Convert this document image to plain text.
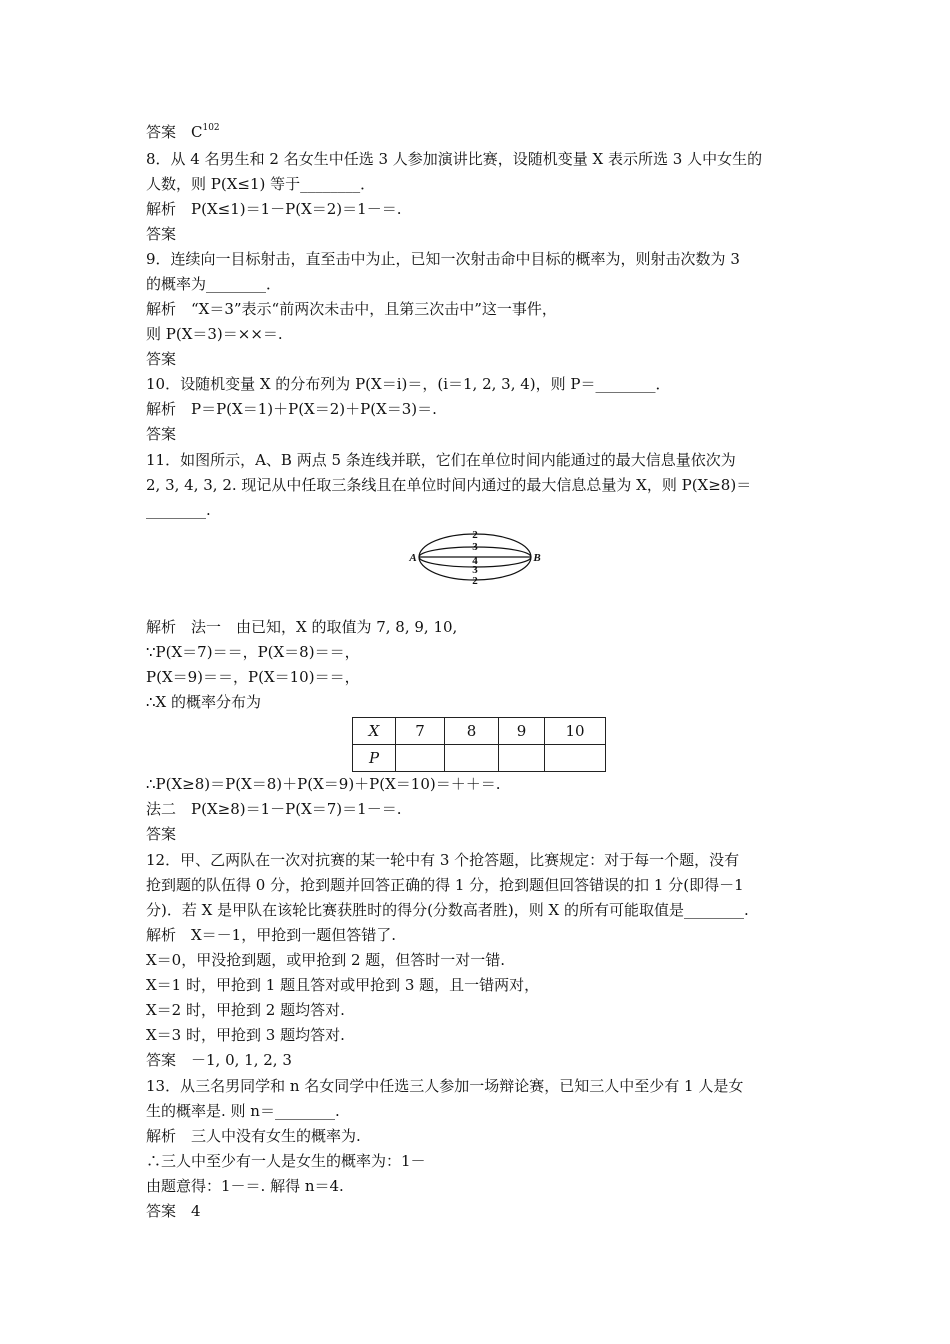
答案　$C^{102}$
8．从 4 名男生和 2 名女生中任选 3 人参加演讲比赛，设随机变量 X 表示所选 3 人中女生的
人数，则 P(X≤1) 等于________．
解析　P(X≤1)＝1－P(X＝2)＝1－＝.
答案
9．连续向一目标射击，直至击中为止，已知一次射击命中目标的概率为，则射击次数为 3
的概率为________．
解析　“X＝3”表示“前两次未击中，且第三次击中”这一事件，
则 P(X＝3)＝××＝.
答案
10．设随机变量 X 的分布列为 P(X＝i)＝，(i＝1, 2, 3, 4)，则 P＝________．
解析　P＝P(X＝1)＋P(X＝2)＋P(X＝3)＝.
答案
11．如图所示，A、B 两点 5 条连线并联，它们在单位时间内能通过的最大信息量依次为
2, 3, 4, 3, 2. 现记从中任取三条线且在单位时间内通过的最大信息总量为 X，则 P(X≥8)＝
________.
2
3
4
3
2
A	B
解析　法一　由已知，X 的取值为 7, 8, 9, 10,
∵P(X＝7)＝＝，P(X＝8)＝＝，
P(X＝9)＝＝，P(X＝10)＝＝，
∴X 的概率分布为
X	7	8	9	10
P				
∴P(X≥8)＝P(X＝8)＋P(X＝9)＋P(X＝10)＝＋＋＝.
法二　P(X≥8)＝1－P(X＝7)＝1－＝.
答案
12．甲、乙两队在一次对抗赛的某一轮中有 3 个抢答题，比赛规定：对于每一个题，没有
抢到题的队伍得 0 分，抢到题并回答正确的得 1 分，抢到题但回答错误的扣 1 分(即得－1
分)．若 X 是甲队在该轮比赛获胜时的得分(分数高者胜)，则 X 的所有可能取值是________.
解析　X＝－1，甲抢到一题但答错了.
X＝0，甲没抢到题，或甲抢到 2 题，但答时一对一错.
X＝1 时，甲抢到 1 题且答对或甲抢到 3 题，且一错两对，
X＝2 时，甲抢到 2 题均答对.
X＝3 时，甲抢到 3 题均答对.
答案　－1, 0, 1, 2, 3
13．从三名男同学和 n 名女同学中任选三人参加一场辩论赛，已知三人中至少有 1 人是女
生的概率是. 则 n＝________.
解析　三人中没有女生的概率为.
∴三人中至少有一人是女生的概率为：1－
由题意得：1－＝. 解得 n＝4.
答案　4
